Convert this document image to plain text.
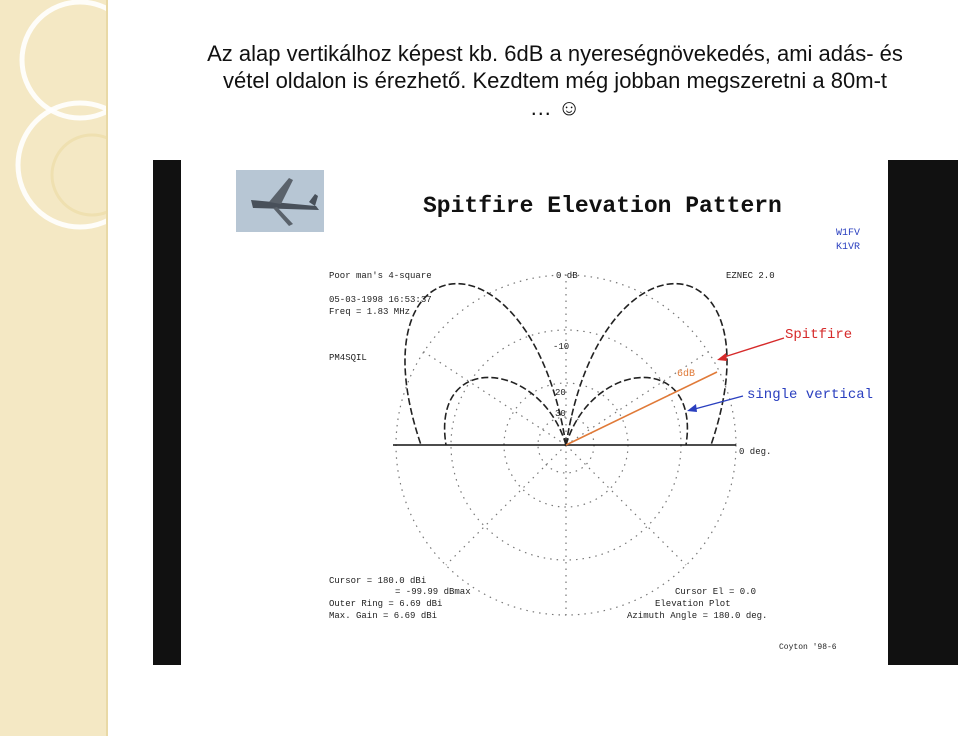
Az alap vertikálhoz képest kb. 6dB a nyereségnövekedés, ami adás- és
vétel oldalon is érezhető. Kezdtem még jobban megszeretni a 80m-t
… ☺
Spitfire Elevation Pattern
W1FV
K1VR
Poor man's 4-square	0 dB	EZNEC 2.0
05-03-1998 16:53:37
Freq = 1.83 MHz
PM4SQIL
0 deg.
-10
20
30
6dB
Spitfire
single vertical
Cursor = 180.0 dBi
= -99.99 dBmax
Outer Ring = 6.69 dBi
Max. Gain = 6.69 dBi
Cursor El = 0.0
Elevation Plot
Azimuth Angle = 180.0 deg.
Coyton '98-6
